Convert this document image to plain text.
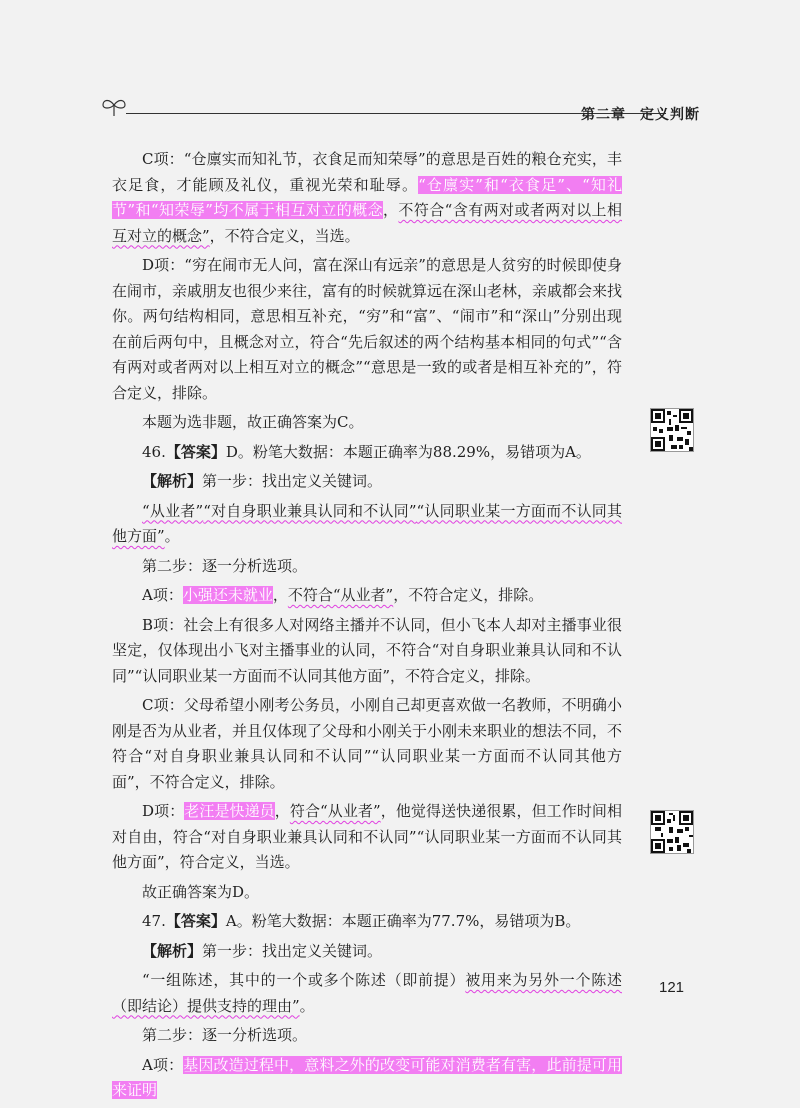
第二章 定义判断

C项：“仓廪实而知礼节，衣食足而知荣辱”的意思是百姓的粮仓充实，丰衣足食，才能顾及礼仪，重视光荣和耻辱。“仓廪实”和“衣食足”、“知礼节”和“知荣辱”均不属于相互对立的概念，不符合“含有两对或者两对以上相互对立的概念”，不符合定义，当选。

D项：“穷在闹市无人问，富在深山有远亲”的意思是人贫穷的时候即使身在闹市，亲戚朋友也很少来往，富有的时候就算远在深山老林，亲戚都会来找你。两句结构相同，意思相互补充，“穷”和“富”、“闹市”和“深山”分别出现在前后两句中，且概念对立，符合“先后叙述的两个结构基本相同的句式”“含有两对或者两对以上相互对立的概念”“意思是一致的或者是相互补充的”，符合定义，排除。

本题为选非题，故正确答案为C。

46.【答案】D。粉笔大数据：本题正确率为88.29%，易错项为A。

【解析】第一步：找出定义关键词。

“从业者”“对自身职业兼具认同和不认同”“认同职业某一方面而不认同其他方面”。

第二步：逐一分析选项。

A项：小强还未就业，不符合“从业者”，不符合定义，排除。

B项：社会上有很多人对网络主播并不认同，但小飞本人却对主播事业很坚定，仅体现出小飞对主播事业的认同，不符合“对自身职业兼具认同和不认同”“认同职业某一方面而不认同其他方面”，不符合定义，排除。

C项：父母希望小刚考公务员，小刚自己却更喜欢做一名教师，不明确小刚是否为从业者，并且仅体现了父母和小刚关于小刚未来职业的想法不同，不符合“对自身职业兼具认同和不认同”“认同职业某一方面而不认同其他方面”，不符合定义，排除。

D项：老汪是快递员，符合“从业者”，他觉得送快递很累，但工作时间相对自由，符合“对自身职业兼具认同和不认同”“认同职业某一方面而不认同其他方面”，符合定义，当选。

故正确答案为D。

47.【答案】A。粉笔大数据：本题正确率为77.7%，易错项为B。

【解析】第一步：找出定义关键词。

“一组陈述，其中的一个或多个陈述（即前提）被用来为另外一个陈述（即结论）提供支持的理由”。

第二步：逐一分析选项。

A项：基因改造过程中，意料之外的改变可能对消费者有害，此前提可用来证明

121
